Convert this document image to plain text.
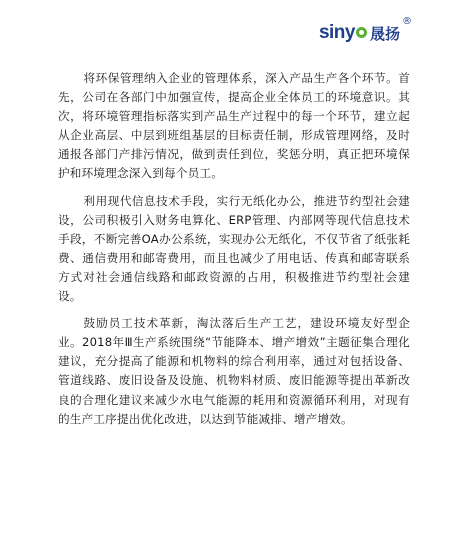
siny	晟扬
®

将环保管理纳入企业的管理体系，深入产品生产各个环节。首先，公司在各部门中加强宣传，提高企业全体员工的环境意识。其次，将环境管理指标落实到产品生产过程中的每一个环节，建立起从企业高层、中层到班组基层的目标责任制，形成管理网络，及时通报各部门产排污情况，做到责任到位，奖惩分明，真正把环境保护和环境理念深入到每个员工。

利用现代信息技术手段，实行无纸化办公，推进节约型社会建设，公司积极引入财务电算化、ERP管理、内部网等现代信息技术手段，不断完善OA办公系统，实现办公无纸化，不仅节省了纸张耗费、通信费用和邮寄费用，而且也减少了用电话、传真和邮寄联系方式对社会通信线路和邮政资源的占用，积极推进节约型社会建设。

鼓励员工技术革新，淘汰落后生产工艺，建设环境友好型企业。2018年Ⅲ生产系统围绕“节能降本、增产增效”主题征集合理化建议，充分提高了能源和机物料的综合利用率，通过对包括设备、管道线路、废旧设备及设施、机物料材质、废旧能源等提出革新改良的合理化建议来减少水电气能源的耗用和资源循环利用，对现有的生产工序提出优化改进，以达到节能减排、增产增效。
